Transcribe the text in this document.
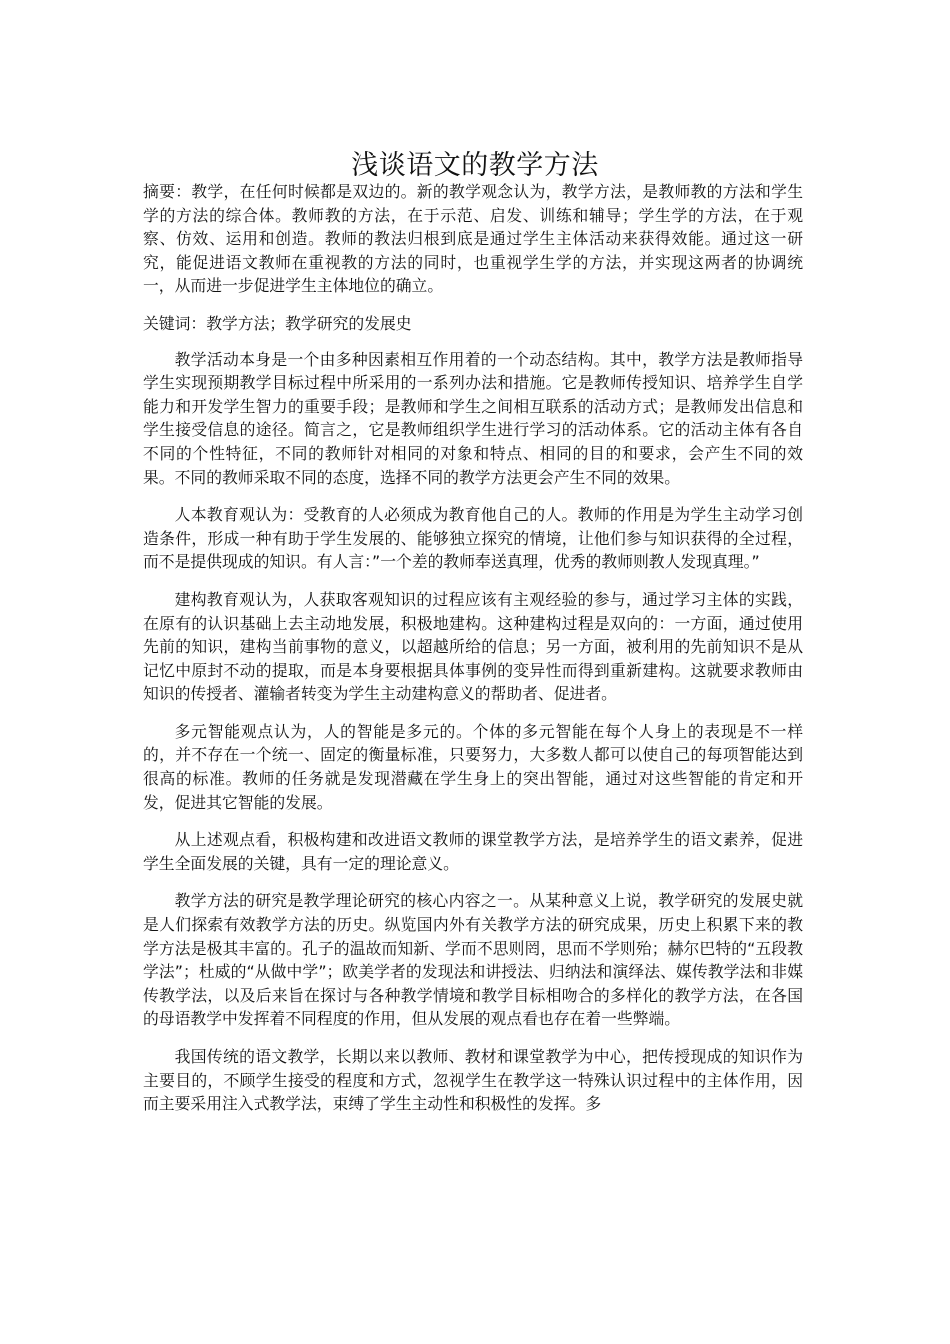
浅谈语文的教学方法

摘要：教学，在任何时候都是双边的。新的教学观念认为，教学方法，是教师教的方法和学生学的方法的综合体。教师教的方法，在于示范、启发、训练和辅导；学生学的方法，在于观察、仿效、运用和创造。教师的教法归根到底是通过学生主体活动来获得效能。通过这一研究，能促进语文教师在重视教的方法的同时，也重视学生学的方法，并实现这两者的协调统一，从而进一步促进学生主体地位的确立。

关键词：教学方法；教学研究的发展史

教学活动本身是一个由多种因素相互作用着的一个动态结构。其中，教学方法是教师指导学生实现预期教学目标过程中所采用的一系列办法和措施。它是教师传授知识、培养学生自学能力和开发学生智力的重要手段；是教师和学生之间相互联系的活动方式；是教师发出信息和学生接受信息的途径。简言之，它是教师组织学生进行学习的活动体系。它的活动主体有各自不同的个性特征，不同的教师针对相同的对象和特点、相同的目的和要求，会产生不同的效果。不同的教师采取不同的态度，选择不同的教学方法更会产生不同的效果。

人本教育观认为：受教育的人必须成为教育他自己的人。教师的作用是为学生主动学习创造条件，形成一种有助于学生发展的、能够独立探究的情境，让他们参与知识获得的全过程，而不是提供现成的知识。有人言：”一个差的教师奉送真理，优秀的教师则教人发现真理。”

建构教育观认为，人获取客观知识的过程应该有主观经验的参与，通过学习主体的实践，在原有的认识基础上去主动地发展，积极地建构。这种建构过程是双向的：一方面，通过使用先前的知识，建构当前事物的意义，以超越所给的信息；另一方面，被利用的先前知识不是从记忆中原封不动的提取，而是本身要根据具体事例的变异性而得到重新建构。这就要求教师由知识的传授者、灌输者转变为学生主动建构意义的帮助者、促进者。

多元智能观点认为，人的智能是多元的。个体的多元智能在每个人身上的表现是不一样的，并不存在一个统一、固定的衡量标准，只要努力，大多数人都可以使自己的每项智能达到很高的标准。教师的任务就是发现潜藏在学生身上的突出智能，通过对这些智能的肯定和开发，促进其它智能的发展。

从上述观点看，积极构建和改进语文教师的课堂教学方法，是培养学生的语文素养，促进学生全面发展的关键，具有一定的理论意义。

教学方法的研究是教学理论研究的核心内容之一。从某种意义上说，教学研究的发展史就是人们探索有效教学方法的历史。纵览国内外有关教学方法的研究成果，历史上积累下来的教学方法是极其丰富的。孔子的温故而知新、学而不思则罔，思而不学则殆；赫尔巴特的“五段教学法”；杜威的“从做中学”；欧美学者的发现法和讲授法、归纳法和演绎法、媒传教学法和非媒传教学法，以及后来旨在探讨与各种教学情境和教学目标相吻合的多样化的教学方法，在各国的母语教学中发挥着不同程度的作用，但从发展的观点看也存在着一些弊端。

我国传统的语文教学，长期以来以教师、教材和课堂教学为中心，把传授现成的知识作为主要目的，不顾学生接受的程度和方式，忽视学生在教学这一特殊认识过程中的主体作用，因而主要采用注入式教学法，束缚了学生主动性和积极性的发挥。多
